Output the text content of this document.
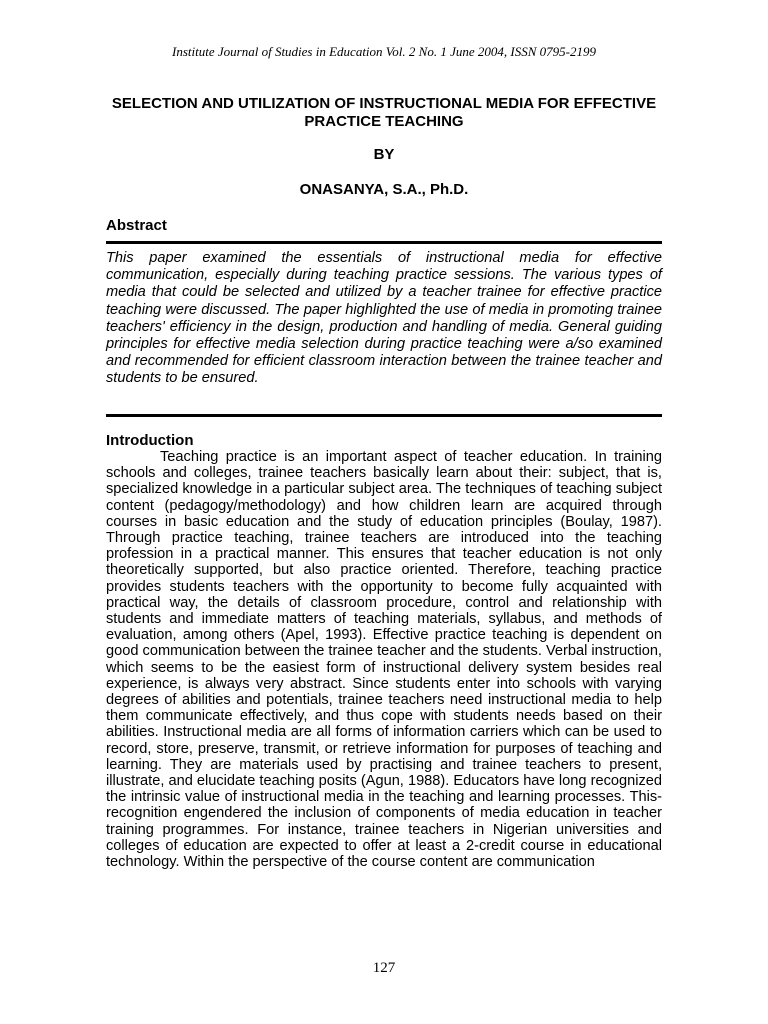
Institute Journal of Studies in Education Vol. 2 No. 1 June 2004, ISSN 0795-2199
SELECTION AND UTILIZATION OF INSTRUCTIONAL MEDIA FOR EFFECTIVE PRACTICE TEACHING
BY
ONASANYA, S.A., Ph.D.
Abstract
This paper examined the essentials of instructional media for effective communication, especially during teaching practice sessions. The various types of media that could be selected and utilized by a teacher trainee for effective practice teaching were discussed. The paper highlighted the use of media in promoting trainee teachers' efficiency in the design, production and handling of media. General guiding principles for effective media selection during practice teaching were a/so examined and recommended for efficient classroom interaction between the trainee teacher and students to be ensured.
Introduction
Teaching practice is an important aspect of teacher education. In training schools and colleges, trainee teachers basically learn about their: subject, that is, specialized knowledge in a particular subject area. The techniques of teaching subject content (pedagogy/methodology) and how children learn are acquired through courses in basic education and the study of education principles (Boulay, 1987). Through practice teaching, trainee teachers are introduced into the teaching profession in a practical manner. This ensures that teacher education is not only theoretically supported, but also practice oriented. Therefore, teaching practice provides students teachers with the opportunity to become fully acquainted with practical way, the details of classroom procedure, control and relationship with students and immediate matters of teaching materials, syllabus, and methods of evaluation, among others (Apel, 1993). Effective practice teaching is dependent on good communication between the trainee teacher and the students. Verbal instruction, which seems to be the easiest form of instructional delivery system besides real experience, is always very abstract. Since students enter into schools with varying degrees of abilities and potentials, trainee teachers need instructional media to help them communicate effectively, and thus cope with students needs based on their abilities. Instructional media are all forms of information carriers which can be used to record, store, preserve, transmit, or retrieve information for purposes of teaching and learning. They are materials used by practising and trainee teachers to present, illustrate, and elucidate teaching posits (Agun, 1988). Educators have long recognized the intrinsic value of instructional media in the teaching and learning processes. This-recognition engendered the inclusion of components of media education in teacher training programmes. For instance, trainee teachers in Nigerian universities and colleges of education are expected to offer at least a 2-credit course in educational technology. Within the perspective of the course content are communication
127
